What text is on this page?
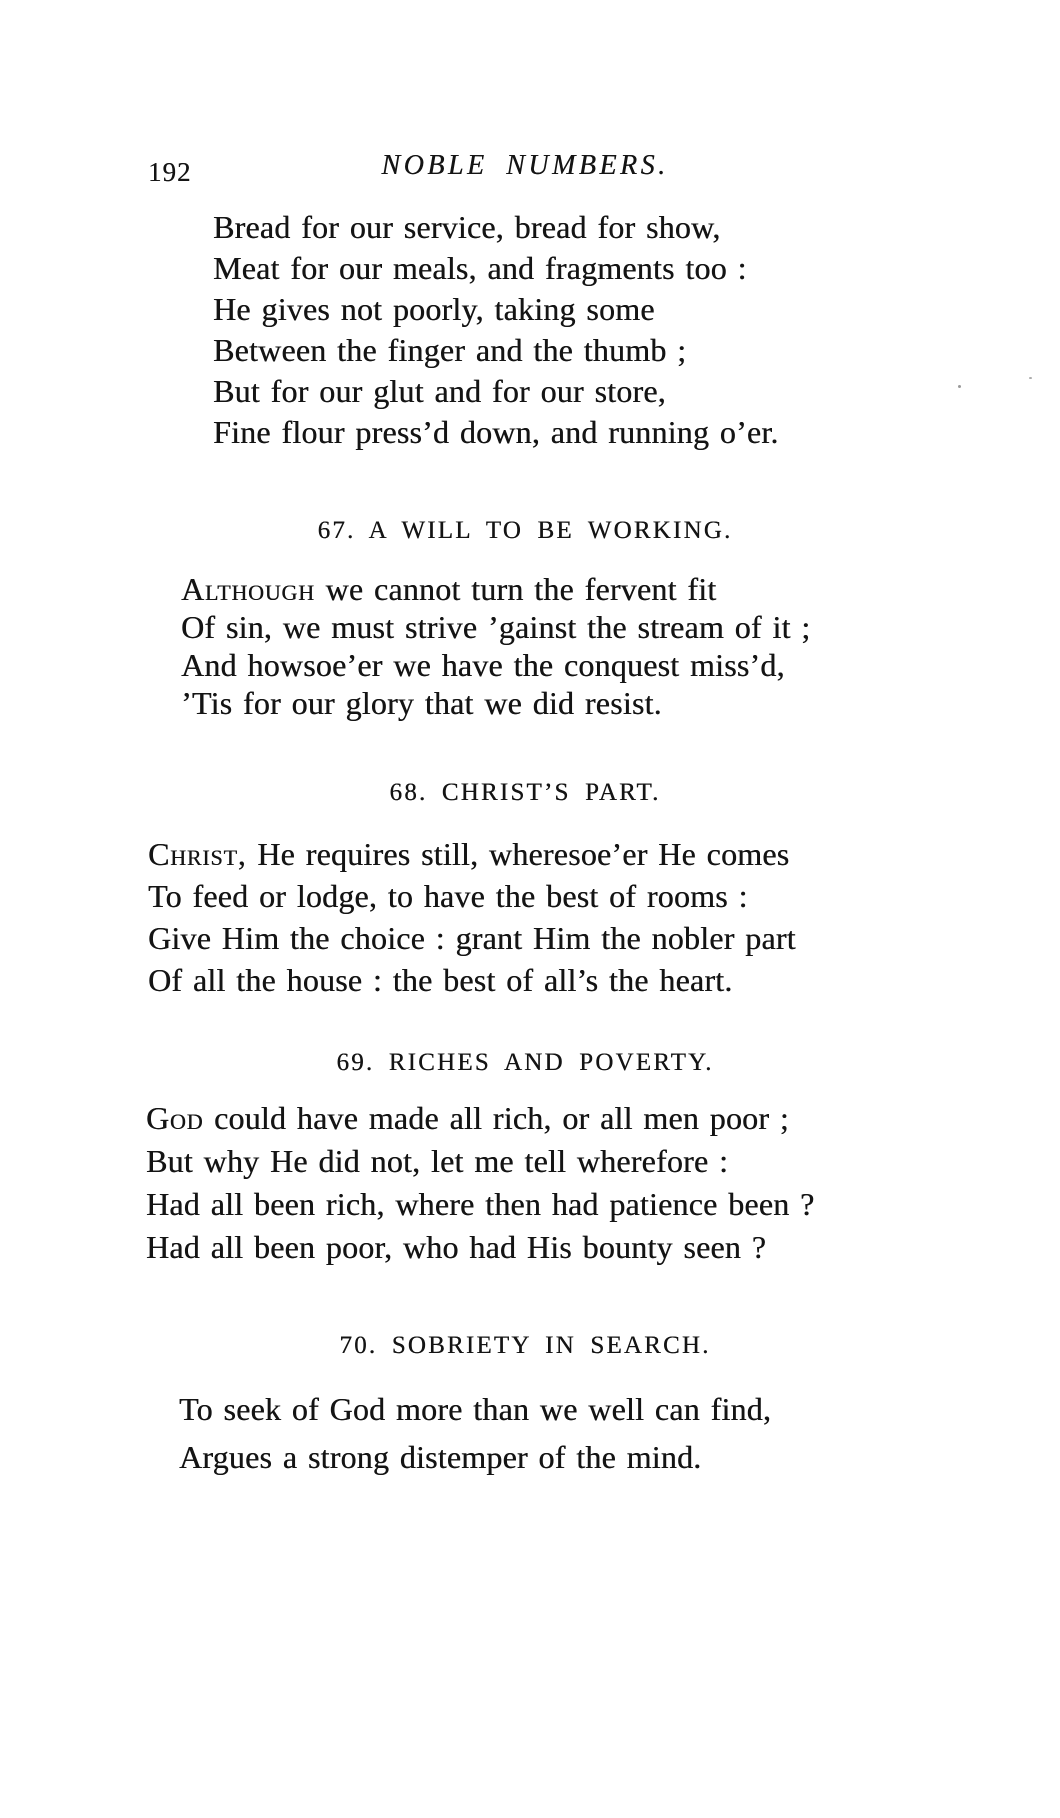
192	NOBLE NUMBERS.
Bread for our service, bread for show,
Meat for our meals, and fragments too :
He gives not poorly, taking some
Between the finger and the thumb ;
But for our glut and for our store,
Fine flour press’d down, and running o’er.
67. A WILL TO BE WORKING.
Although we cannot turn the fervent fit
Of sin, we must strive ’gainst the stream of it ;
And howsoe’er we have the conquest miss’d,
’Tis for our glory that we did resist.
68. CHRIST’S PART.
Christ, He requires still, wheresoe’er He comes
To feed or lodge, to have the best of rooms :
Give Him the choice : grant Him the nobler part
Of all the house : the best of all’s the heart.
69. RICHES AND POVERTY.
God could have made all rich, or all men poor ;
But why He did not, let me tell wherefore :
Had all been rich, where then had patience been ?
Had all been poor, who had His bounty seen ?
70. SOBRIETY IN SEARCH.
To seek of God more than we well can find,
Argues a strong distemper of the mind.
